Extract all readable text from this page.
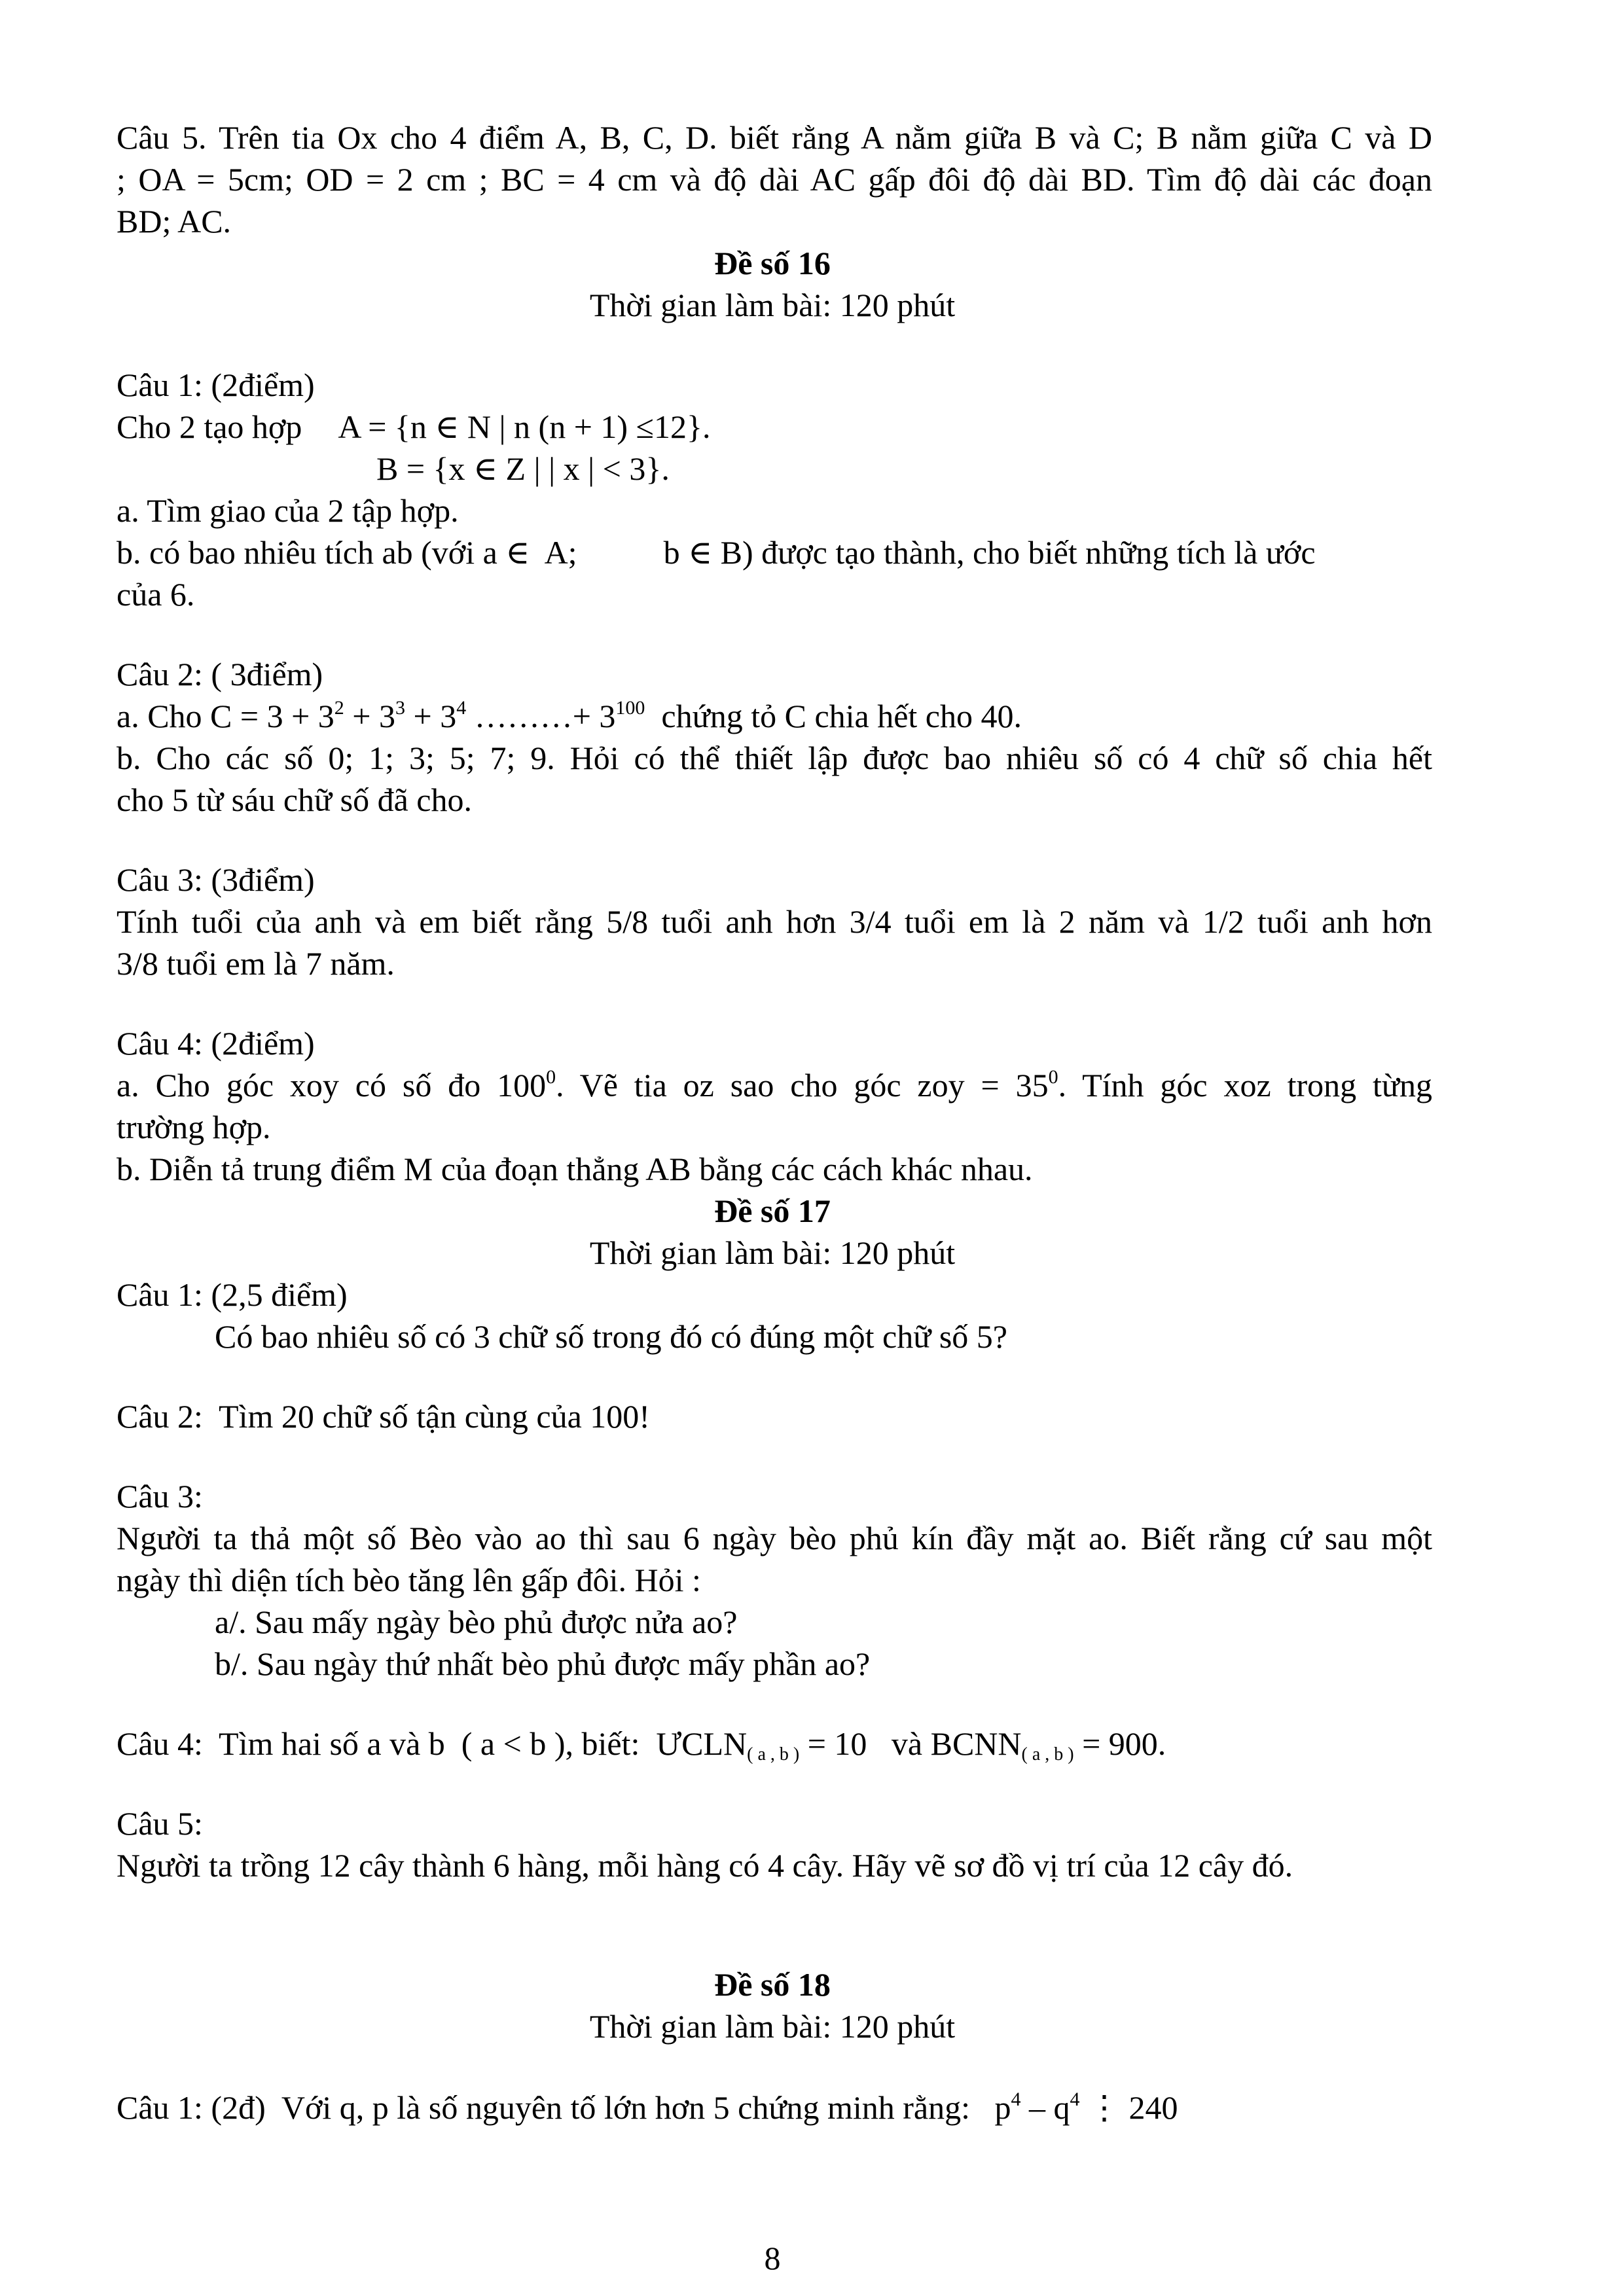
Câu 5. Trên tia Ox cho 4 điểm A, B, C, D. biết rằng A nằm giữa B và C; B nằm giữa C và D
; OA = 5cm; OD = 2 cm ; BC = 4 cm và độ dài AC gấp đôi độ dài BD. Tìm độ dài các đoạn
BD; AC.
Đề số 16
Thời gian làm bài: 120 phút
Câu 1: (2điểm)
Cho 2 tạo hợp A = {n ∈ N | n (n + 1) ≤12}.
B = {x ∈ Z | | x | < 3}.
a. Tìm giao của 2 tập hợp.
b. có bao nhiêu tích ab (với a ∈  A;	b ∈ B) được tạo thành, cho biết những tích là ước
của 6.
Câu 2: ( 3điểm)
a. Cho $C = 3 + 3^2 + 3^3 + 3^4$ ………+ $3^{100}$  chứng tỏ C chia hết cho 40.
b. Cho các số 0; 1; 3; 5; 7; 9. Hỏi có thể thiết lập được bao nhiêu số có 4 chữ số chia hết
cho 5 từ sáu chữ số đã cho.
Câu 3: (3điểm)
Tính tuổi của anh và em biết rằng 5/8 tuổi anh hơn 3/4 tuổi em là 2 năm và 1/2 tuổi anh hơn
3/8 tuổi em là 7 năm.
Câu 4: (2điểm)
a. Cho góc xoy có số đo $100^0$. Vẽ tia oz sao cho góc zoy = $35^0$. Tính góc xoz trong từng
trường hợp.
b. Diễn tả trung điểm M của đoạn thẳng AB bằng các cách khác nhau.
Đề số 17
Thời gian làm bài: 120 phút
Câu 1: (2,5 điểm)
Có bao nhiêu số có 3 chữ số trong đó có đúng một chữ số 5?
Câu 2:  Tìm 20 chữ số tận cùng của 100!
Câu 3:
Người ta thả một số Bèo vào ao thì sau 6 ngày bèo phủ kín đầy mặt ao. Biết rằng cứ sau một
ngày thì diện tích bèo tăng lên gấp đôi. Hỏi :
a/. Sau mấy ngày bèo phủ được nửa ao?
b/. Sau ngày thứ nhất bèo phủ được mấy phần ao?
Câu 4:  Tìm hai số a và b  ( a < b ), biết:  $ƯCLN_{( a , b )} = 10$   và $BCNN_{( a , b )} = 900$.
Câu 5:
Người ta trồng 12 cây thành 6 hàng, mỗi hàng có 4 cây. Hãy vẽ sơ đồ vị trí của 12 cây đó.
Đề số 18
Thời gian làm bài: 120 phút
Câu 1: (2đ)  Với q, p là số nguyên tố lớn hơn 5 chứng minh rằng:   $p^4 - q^4$ ⋮ 240
8
